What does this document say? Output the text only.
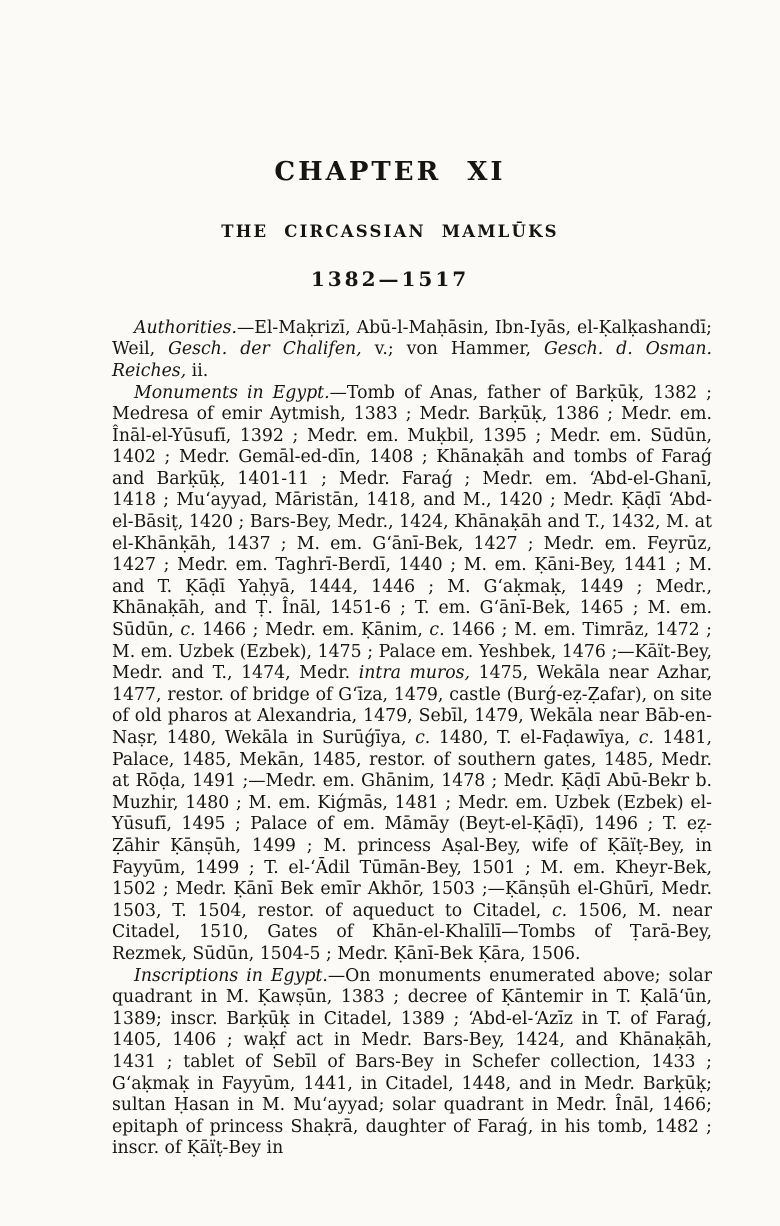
CHAPTER XI
THE CIRCASSIAN MAMLŪKS
1382—1517

Authorities.—El-Maḳrizī, Abū-l-Maḥāsin, Ibn-Iyās, el-Ḳalḳashandī; Weil, Gesch. der Chalifen, v.; von Hammer, Gesch. d. Osman. Reiches, ii.

Monuments in Egypt.—Tomb of Anas, father of Barḳūḳ, 1382 ; Medresa of emir Aytmish, 1383 ; Medr. Barḳūḳ, 1386 ; Medr. em. Înāl-el-Yūsufī, 1392 ; Medr. em. Muḳbil, 1395 ; Medr. em. Sūdūn, 1402 ; Medr. Gemāl-ed-dīn, 1408 ; Khānaḳāh and tombs of Faraǵ and Barḳūḳ, 1401-11 ; Medr. Faraǵ ; Medr. em. ʻAbd-el-Ghanī, 1418 ; Muʻayyad, Māristān, 1418, and M., 1420 ; Medr. Ḳāḍī ʻAbd-el-Bāsiṭ, 1420 ; Bars-Bey, Medr., 1424, Khānaḳāh and T., 1432, M. at el-Khānḳāh, 1437 ; M. em. Gʻānī-Bek, 1427 ; Medr. em. Feyrūz, 1427 ; Medr. em. Taghrī-Berdī, 1440 ; M. em. Ḳāni-Bey, 1441 ; M. and T. Ḳāḍī Yaḥyā, 1444, 1446 ; M. Gʻaḳmaḳ, 1449 ; Medr., Khānaḳāh, and Ṭ. Înāl, 1451-6 ; T. em. Gʻānī-Bek, 1465 ; M. em. Sūdūn, c. 1466 ; Medr. em. Ḳānim, c. 1466 ; M. em. Timrāz, 1472 ; M. em. Uzbek (Ezbek), 1475 ; Palace em. Yeshbek, 1476 ;—Kāït-Bey, Medr. and T., 1474, Medr. intra muros, 1475, Wekāla near Azhar, 1477, restor. of bridge of Gʻīza, 1479, castle (Burǵ-eẓ-Ẓafar), on site of old pharos at Alexandria, 1479, Sebīl, 1479, Wekāla near Bāb-en-Naṣr, 1480, Wekāla in Surūǵīya, c. 1480, T. el-Faḍawīya, c. 1481, Palace, 1485, Mekān, 1485, restor. of southern gates, 1485, Medr. at Rōḍa, 1491 ;—Medr. em. Ghānim, 1478 ; Medr. Ḳāḍī Abū-Bekr b. Muzhir, 1480 ; M. em. Kiǵmās, 1481 ; Medr. em. Uzbek (Ezbek) el-Yūsufī, 1495 ; Palace of em. Māmāy (Beyt-el-Ḳāḍī), 1496 ; T. eẓ-Ẓāhir Ḳānṣūh, 1499 ; M. princess Aṣal-Bey, wife of Ḳāïṭ-Bey, in Fayyūm, 1499 ; T. el-ʻĀdil Tūmān-Bey, 1501 ; M. em. Kheyr-Bek, 1502 ; Medr. Ḳānī Bek emīr Akhōr, 1503 ;—Ḳānṣūh el-Ghūrī, Medr. 1503, T. 1504, restor. of aqueduct to Citadel, c. 1506, M. near Citadel, 1510, Gates of Khān-el-Khalīlī—Tombs of Ṭarā-Bey, Rezmek, Sūdūn, 1504-5 ; Medr. Ḳānī-Bek Ḳāra, 1506.

Inscriptions in Egypt.—On monuments enumerated above; solar quadrant in M. Ḳawṣūn, 1383 ; decree of Ḳāntemir in T. Ḳalāʻūn, 1389; inscr. Barḳūḳ in Citadel, 1389 ; ʻAbd-el-ʻAzīz in T. of Faraǵ, 1405, 1406 ; waḳf act in Medr. Bars-Bey, 1424, and Khānaḳāh, 1431 ; tablet of Sebīl of Bars-Bey in Schefer collection, 1433 ; Gʻaḳmaḳ in Fayyūm, 1441, in Citadel, 1448, and in Medr. Barḳūḳ; sultan Ḥasan in M. Muʻayyad; solar quadrant in Medr. Înāl, 1466; epitaph of princess Shaḳrā, daughter of Faraǵ, in his tomb, 1482 ; inscr. of Ḳāïṭ-Bey in
